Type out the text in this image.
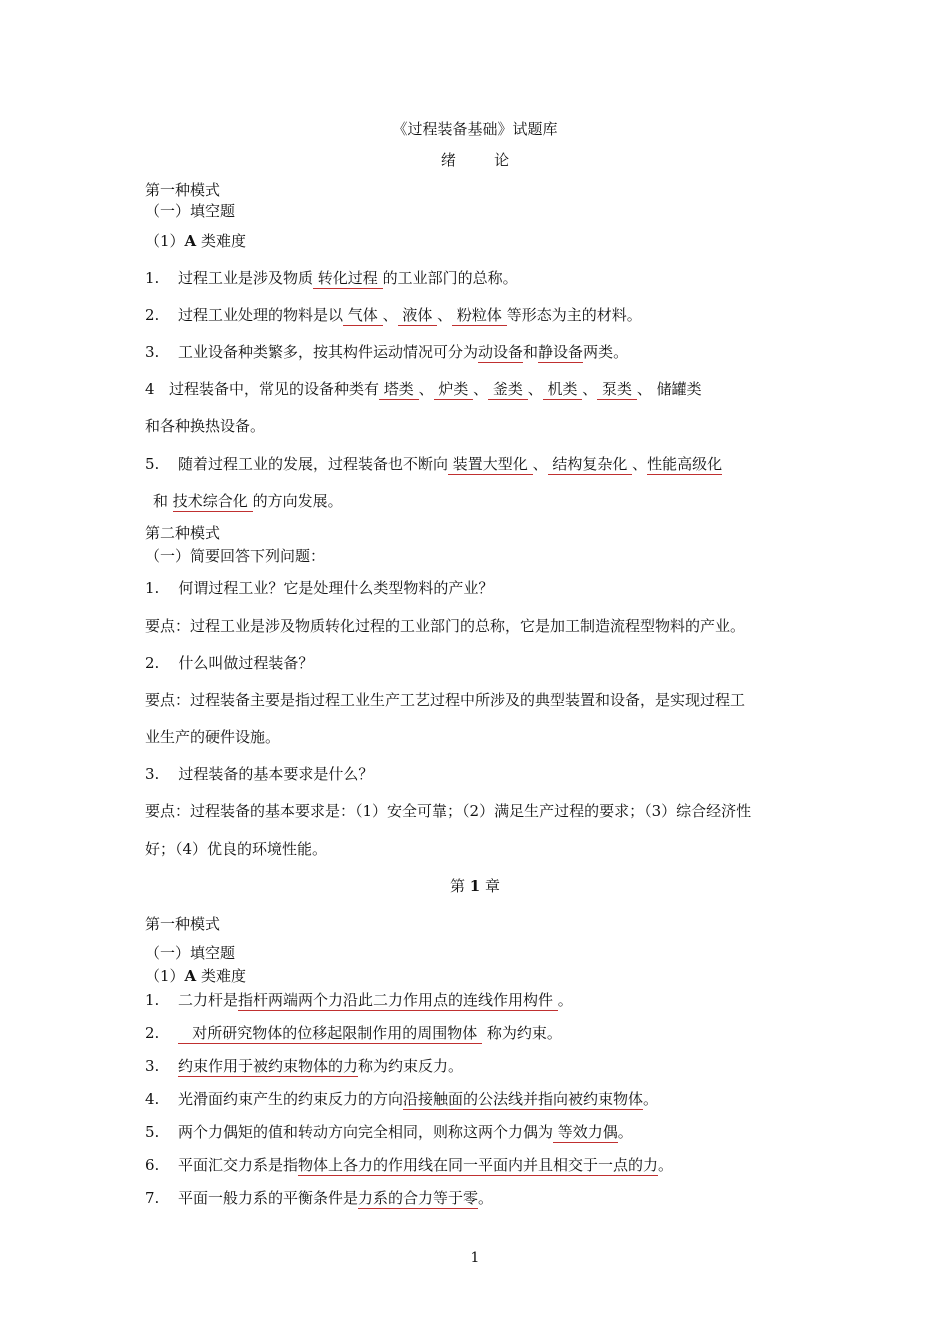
《过程装备基础》试题库
绪        论
第一种模式
（一）填空题
（1）A 类难度
1. 过程工业是涉及物质 转化过程 的工业部门的总称。
2. 过程工业处理的物料是以 气体 、 液体 、 粉粒体 等形态为主的材料。
3. 工业设备种类繁多，按其构件运动情况可分为动设备和静设备两类。
4 过程装备中，常见的设备种类有 塔类 、 炉类 、 釜类 、 机类 、 泵类 、 储罐类
和各种换热设备。
5. 随着过程工业的发展，过程装备也不断向 装置大型化 、 结构复杂化 、性能高级化
和 技术综合化 的方向发展。
第二种模式
（一）简要回答下列问题：
1.    何谓过程工业？它是处理什么类型物料的产业？
要点：过程工业是涉及物质转化过程的工业部门的总称，它是加工制造流程型物料的产业。
2.    什么叫做过程装备？
要点：过程装备主要是指过程工业生产工艺过程中所涉及的典型装置和设备，是实现过程工
业生产的硬件设施。
3.    过程装备的基本要求是什么？
要点：过程装备的基本要求是：（1）安全可靠；（2）满足生产过程的要求；（3）综合经济性
好；（4）优良的环境性能。
第 1 章
第一种模式
（一）填空题
（1）A 类难度
1. 二力杆是指杆两端两个力沿此二力作用点的连线作用构件 。
2.   对所研究物体的位移起限制作用的周围物体  称为约束。
3. 约束作用于被约束物体的力称为约束反力。
4. 光滑面约束产生的约束反力的方向沿接触面的公法线并指向被约束物体。
5. 两个力偶矩的值和转动方向完全相同，则称这两个力偶为 等效力偶。
6. 平面汇交力系是指物体上各力的作用线在同一平面内并且相交于一点的力。
7. 平面一般力系的平衡条件是力系的合力等于零。
1
